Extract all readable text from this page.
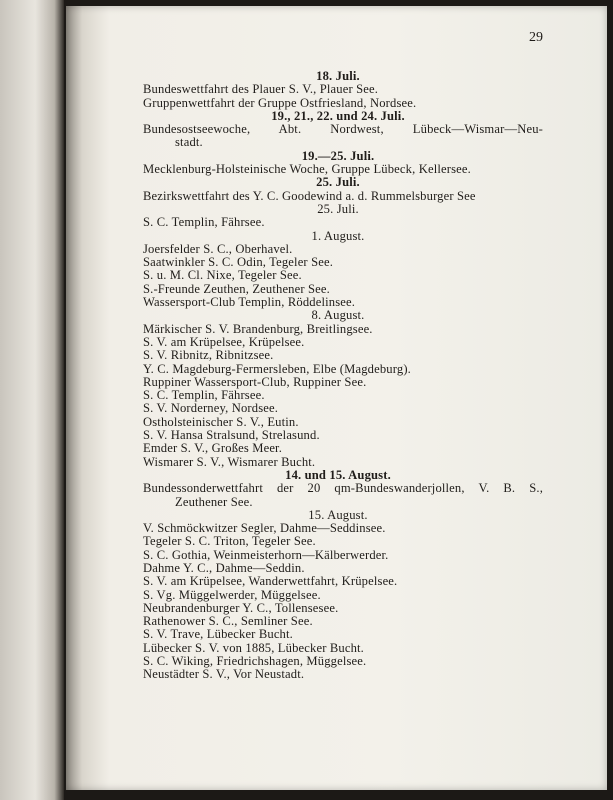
29
18. Juli.
Bundeswettfahrt des Plauer S. V., Plauer See.
Gruppenwettfahrt der Gruppe Ostfriesland, Nordsee.
19., 21., 22. und 24. Juli.
Bundesostseewoche, Abt. Nordwest, Lübeck—Wismar—Neu-
stadt.
19.—25. Juli.
Mecklenburg-Holsteinische Woche, Gruppe Lübeck, Kellersee.
25. Juli.
Bezirkswettfahrt des Y. C. Goodewind a. d. Rummelsburger See
25. Juli.
S. C. Templin, Fährsee.
1. August.
Joersfelder S. C., Oberhavel.
Saatwinkler S. C. Odin, Tegeler See.
S. u. M. Cl. Nixe, Tegeler See.
S.-Freunde Zeuthen, Zeuthener See.
Wassersport-Club Templin, Röddelinsee.
8. August.
Märkischer S. V. Brandenburg, Breitlingsee.
S. V. am Krüpelsee, Krüpelsee.
S. V. Ribnitz, Ribnitzsee.
Y. C. Magdeburg-Fermersleben, Elbe (Magdeburg).
Ruppiner Wassersport-Club, Ruppiner See.
S. C. Templin, Fährsee.
S. V. Norderney, Nordsee.
Ostholsteinischer S. V., Eutin.
S. V. Hansa Stralsund, Strelasund.
Emder S. V., Großes Meer.
Wismarer S. V., Wismarer Bucht.
14. und 15. August.
Bundessonderwettfahrt der 20 qm-Bundeswanderjollen, V. B. S.,
Zeuthener See.
15. August.
V. Schmöckwitzer Segler, Dahme—Seddinsee.
Tegeler S. C. Triton, Tegeler See.
S. C. Gothia, Weinmeisterhorn—Kälberwerder.
Dahme Y. C., Dahme—Seddin.
S. V. am Krüpelsee, Wanderwettfahrt, Krüpelsee.
S. Vg. Müggelwerder, Müggelsee.
Neubrandenburger Y. C., Tollensesee.
Rathenower S. C., Semliner See.
S. V. Trave, Lübecker Bucht.
Lübecker S. V. von 1885, Lübecker Bucht.
S. C. Wiking, Friedrichshagen, Müggelsee.
Neustädter S. V., Vor Neustadt.
